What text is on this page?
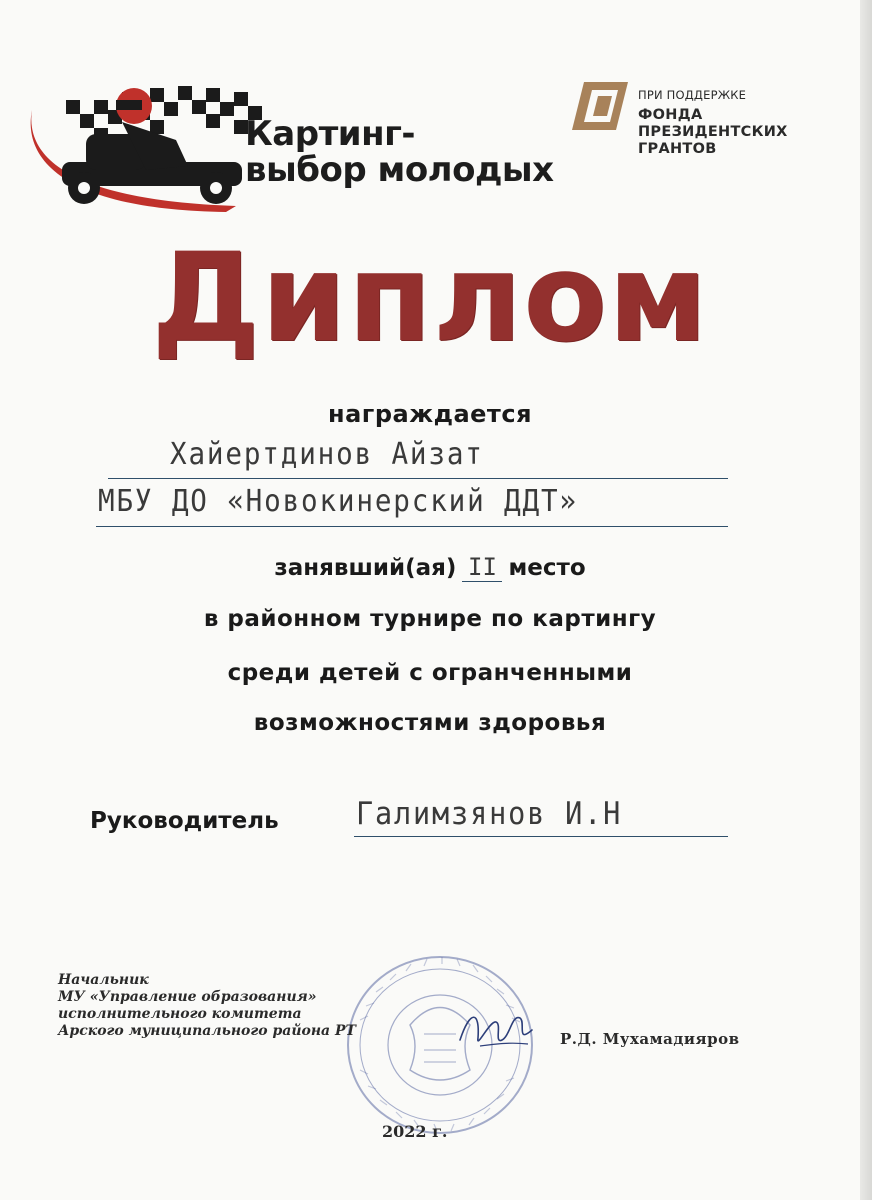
Картинг-
выбор молодых
ПРИ ПОДДЕРЖКЕ
ФОНДА
ПРЕЗИДЕНТСКИХ
ГРАНТОВ
Диплом
награждается
Хайертдинов Айзат
МБУ ДО «Новокинерский ДДТ»
занявший(ая) II место
в районном турнире по картингу
среди детей с огранченными
возможностями здоровья
Руководитель Галимзянов И.Н
Начальник
МУ «Управление образования»
исполнительного комитета
Арского муниципального района РТ	Р.Д. Мухамадияров
2022 г.
